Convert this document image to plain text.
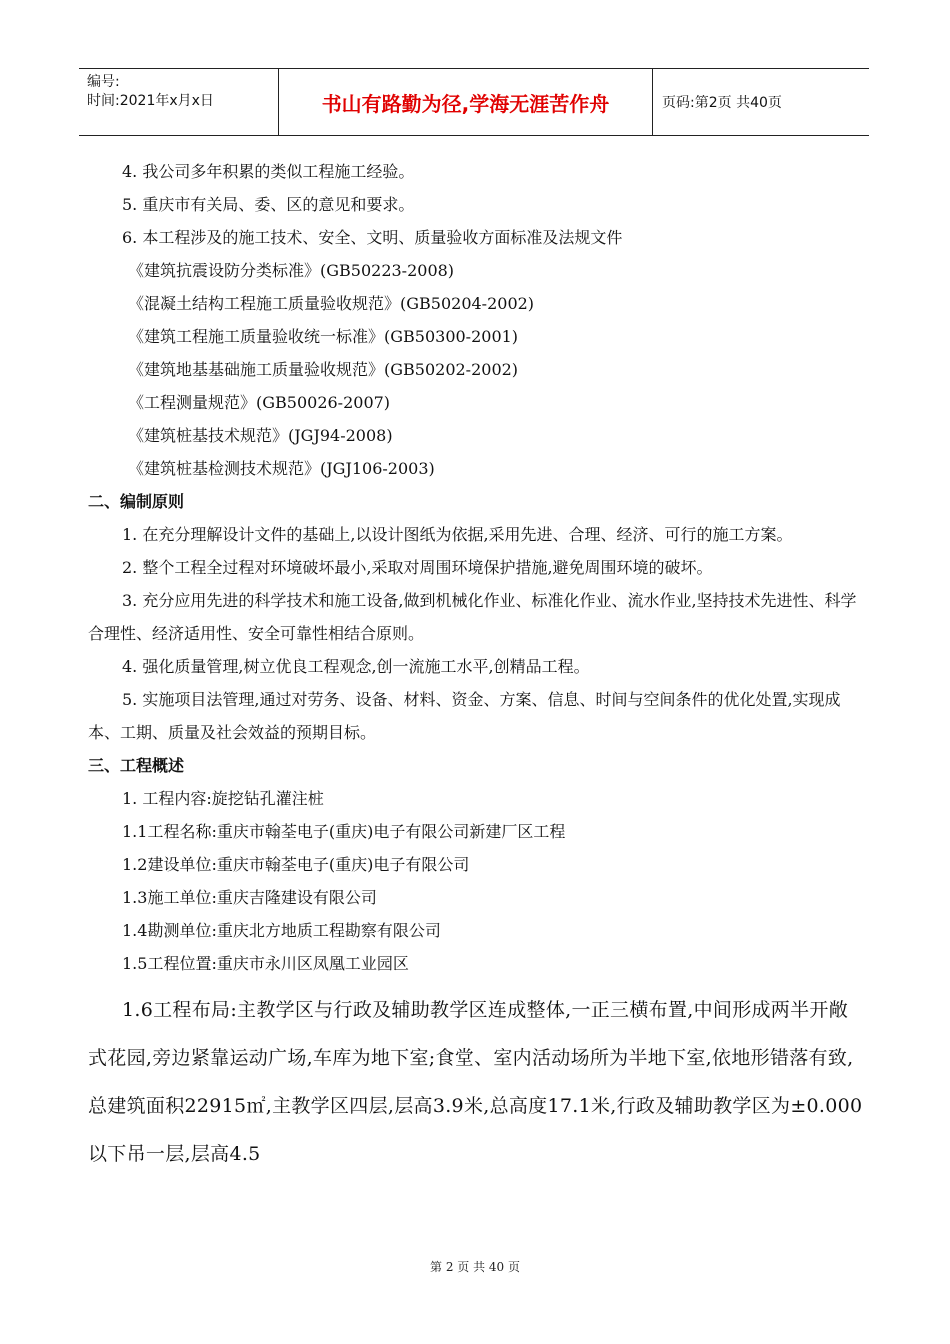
编号:
时间:2021年x月x日	书山有路勤为径,学海无涯苦作舟	页码:第2页 共40页

4. 我公司多年积累的类似工程施工经验。

5. 重庆市有关局、委、区的意见和要求。

6. 本工程涉及的施工技术、安全、文明、质量验收方面标准及法规文件

《建筑抗震设防分类标准》(GB50223-2008)

《混凝土结构工程施工质量验收规范》(GB50204-2002)

《建筑工程施工质量验收统一标准》(GB50300-2001)

《建筑地基基础施工质量验收规范》(GB50202-2002)

《工程测量规范》(GB50026-2007)

《建筑桩基技术规范》(JGJ94-2008)

《建筑桩基检测技术规范》(JGJ106-2003)

二、编制原则

1. 在充分理解设计文件的基础上,以设计图纸为依据,采用先进、合理、经济、可行的施工方案。

2. 整个工程全过程对环境破坏最小,采取对周围环境保护措施,避免周围环境的破坏。

3. 充分应用先进的科学技术和施工设备,做到机械化作业、标准化作业、流水作业,坚持技术先进性、科学合理性、经济适用性、安全可靠性相结合原则。

4. 强化质量管理,树立优良工程观念,创一流施工水平,创精品工程。

5. 实施项目法管理,通过对劳务、设备、材料、资金、方案、信息、时间与空间条件的优化处置,实现成本、工期、质量及社会效益的预期目标。

三、工程概述

1. 工程内容:旋挖钻孔灌注桩

1.1工程名称:重庆市翰荃电子(重庆)电子有限公司新建厂区工程

1.2建设单位:重庆市翰荃电子(重庆)电子有限公司

1.3施工单位:重庆吉隆建设有限公司

1.4勘测单位:重庆北方地质工程勘察有限公司

1.5工程位置:重庆市永川区凤凰工业园区

1.6工程布局:主教学区与行政及辅助教学区连成整体,一正三横布置,中间形成两半开敞式花园,旁边紧靠运动广场,车库为地下室;食堂、室内活动场所为半地下室,依地形错落有致,总建筑面积22915㎡,主教学区四层,层高3.9米,总高度17.1米,行政及辅助教学区为±0.000以下吊一层,层高4.5

第 2 页 共 40 页
